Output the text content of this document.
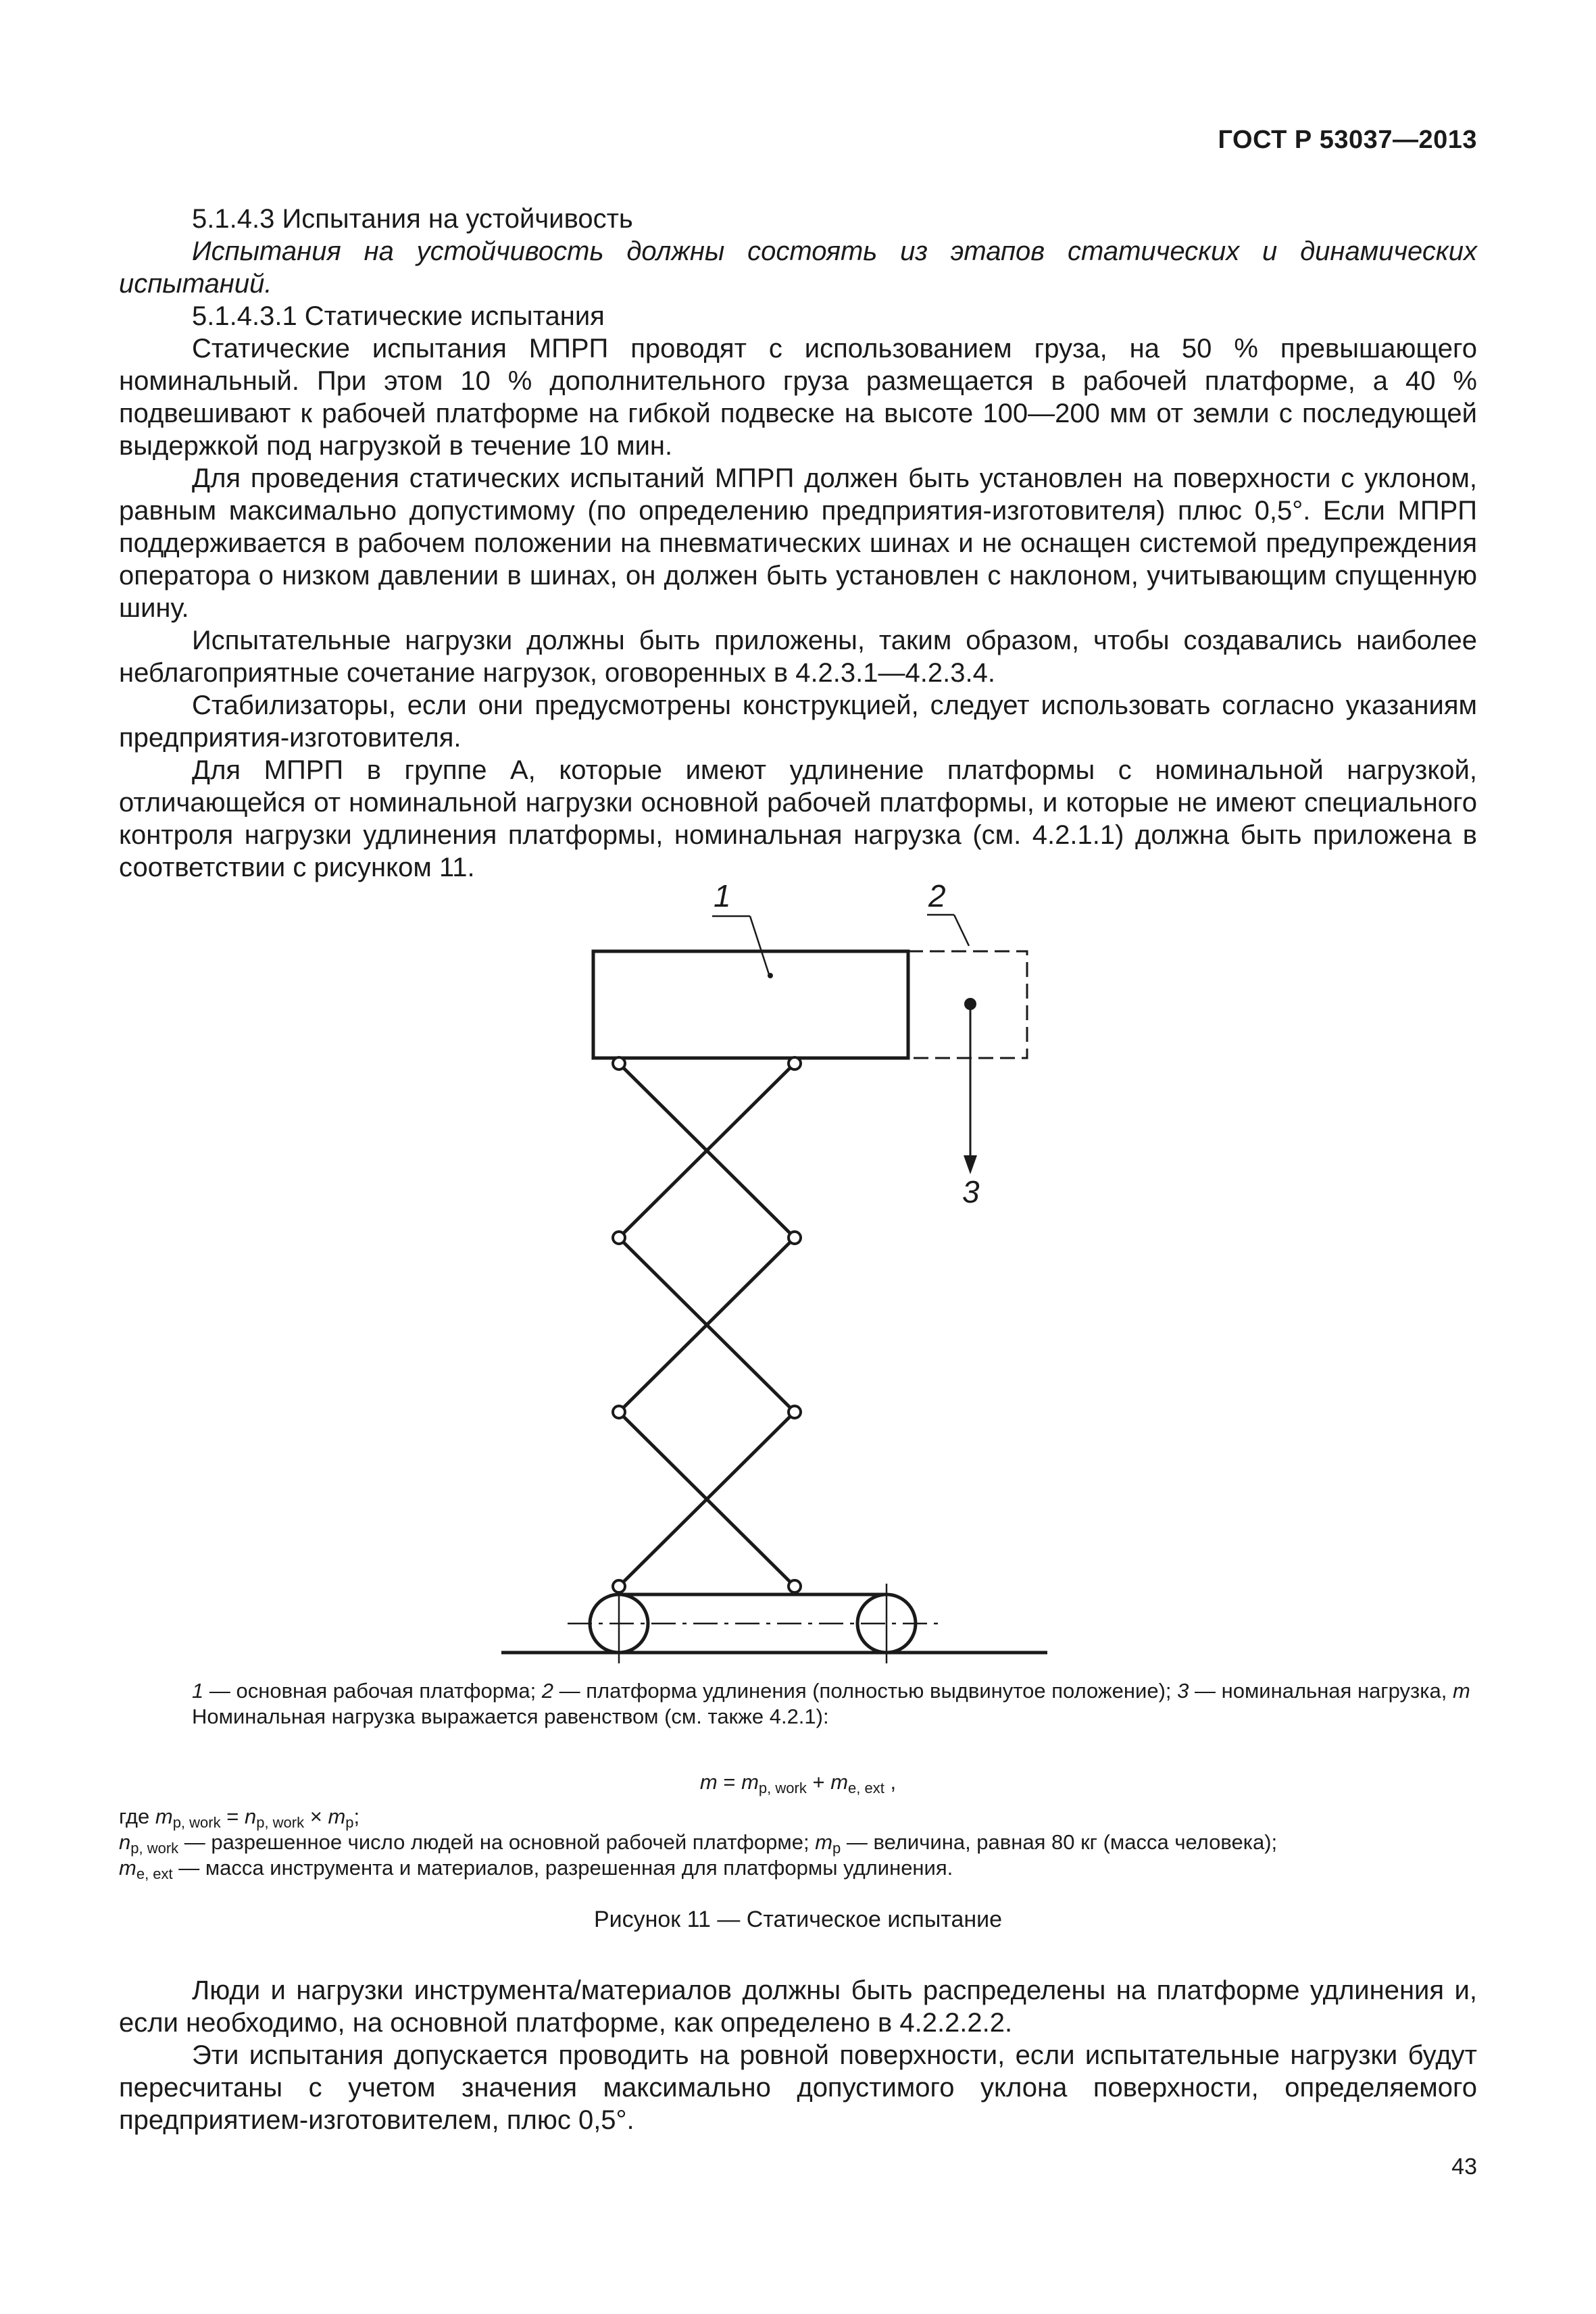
ГОСТ Р 53037—2013

5.1.4.3 Испытания на устойчивость

Испытания на устойчивость должны состоять из этапов статических и динамических испытаний.

5.1.4.3.1 Статические испытания

Статические испытания МПРП проводят с использованием груза, на 50 % превышающего номинальный. При этом 10 % дополнительного груза размещается в рабочей платформе, а 40 % подвешивают к рабочей платформе на гибкой подвеске на высоте 100—200 мм от земли с последующей выдержкой под нагрузкой в течение 10 мин.

Для проведения статических испытаний МПРП должен быть установлен на поверхности с уклоном, равным максимально допустимому (по определению предприятия-изготовителя) плюс 0,5°. Если МПРП поддерживается в рабочем положении на пневматических шинах и не оснащен системой предупреждения оператора о низком давлении в шинах, он должен быть установлен с наклоном, учитывающим спущенную шину.

Испытательные нагрузки должны быть приложены, таким образом, чтобы создавались наиболее неблагоприятные сочетание нагрузок, оговоренных в 4.2.3.1—4.2.3.4.

Стабилизаторы, если они предусмотрены конструкцией, следует использовать согласно указаниям предприятия-изготовителя.

Для МПРП в группе А, которые имеют удлинение платформы с номинальной нагрузкой, отличающейся от номинальной нагрузки основной рабочей платформы, и которые не имеют специального контроля нагрузки удлинения платформы, номинальная нагрузка (см. 4.2.1.1) должна быть приложена в соответствии с рисунком 11.

1	2
3

1 — основная рабочая платформа; 2 — платформа удлинения (полностью выдвинутое положение); 3 — номинальная нагрузка, m

Номинальная нагрузка выражается равенством (см. также 4.2.1):

$m = m_{p, work} + m_{e, ext}$ ,

где $m_{p, work} = n_{p, work} \times m_p$;

$n_{p, work}$ — разрешенное число людей на основной рабочей платформе; $m_p$ — величина, равная 80 кг (масса человека);

$m_{e, ext}$ — масса инструмента и материалов, разрешенная для платформы удлинения.

Рисунок 11 — Статическое испытание

Люди и нагрузки инструмента/материалов должны быть распределены на платформе удлинения и, если необходимо, на основной платформе, как определено в 4.2.2.2.2.

Эти испытания допускается проводить на ровной поверхности, если испытательные нагрузки будут пересчитаны с учетом значения максимально допустимого уклона поверхности, определяемого предприятием-изготовителем, плюс 0,5°.

43
